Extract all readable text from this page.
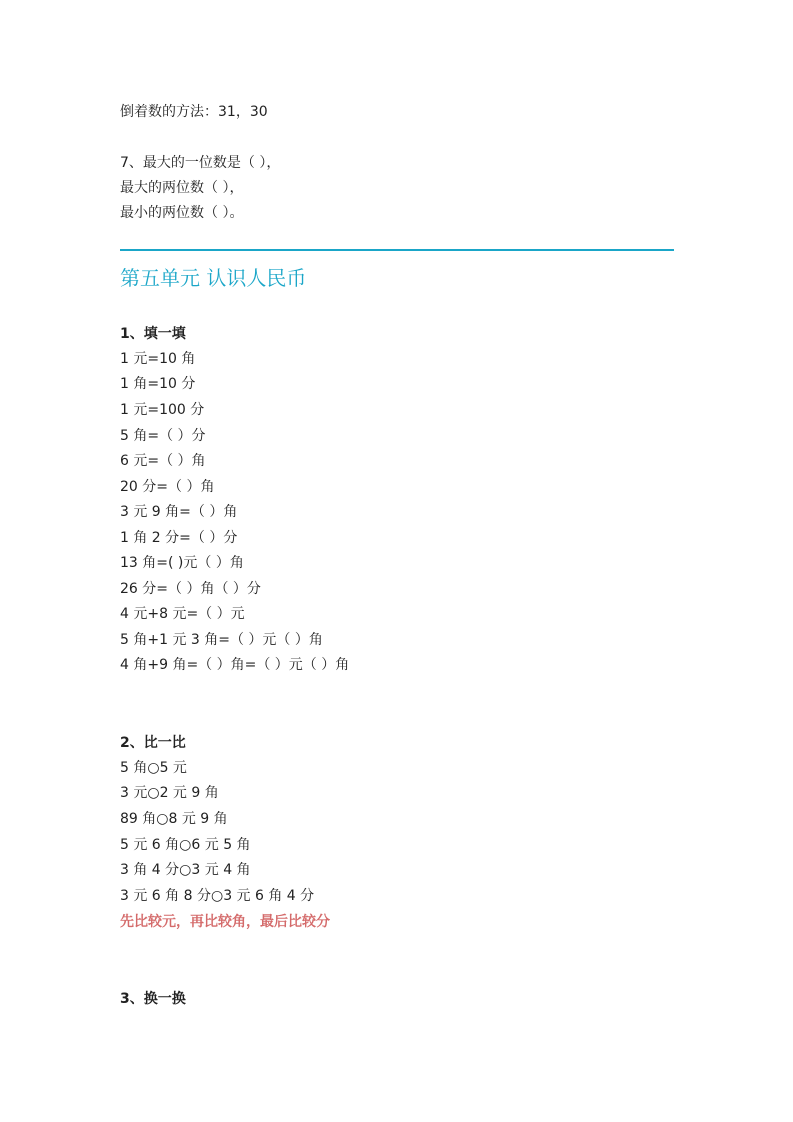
倒着数的方法：31，30
7、最大的一位数是（ ），
最大的两位数（ ），
最小的两位数（ ）。
第五单元 认识人民币
1、填一填
1 元=10 角
1 角=10 分
1 元=100 分
5 角=（ ）分
6 元=（ ）角
20 分=（ ）角
3 元 9 角=（ ）角
1 角 2 分=（ ）分
13 角=( )元（ ）角
26 分=（ ）角（ ）分
4 元+8 元=（ ）元
5 角+1 元 3 角=（ ）元（ ）角
4 角+9 角=（ ）角=（ ）元（ ）角
2、比一比
5 角○5 元
3 元○2 元 9 角
89 角○8 元 9 角
5 元 6 角○6 元 5 角
3 角 4 分○3 元 4 角
3 元 6 角 8 分○3 元 6 角 4 分
先比较元，再比较角，最后比较分
3、换一换
